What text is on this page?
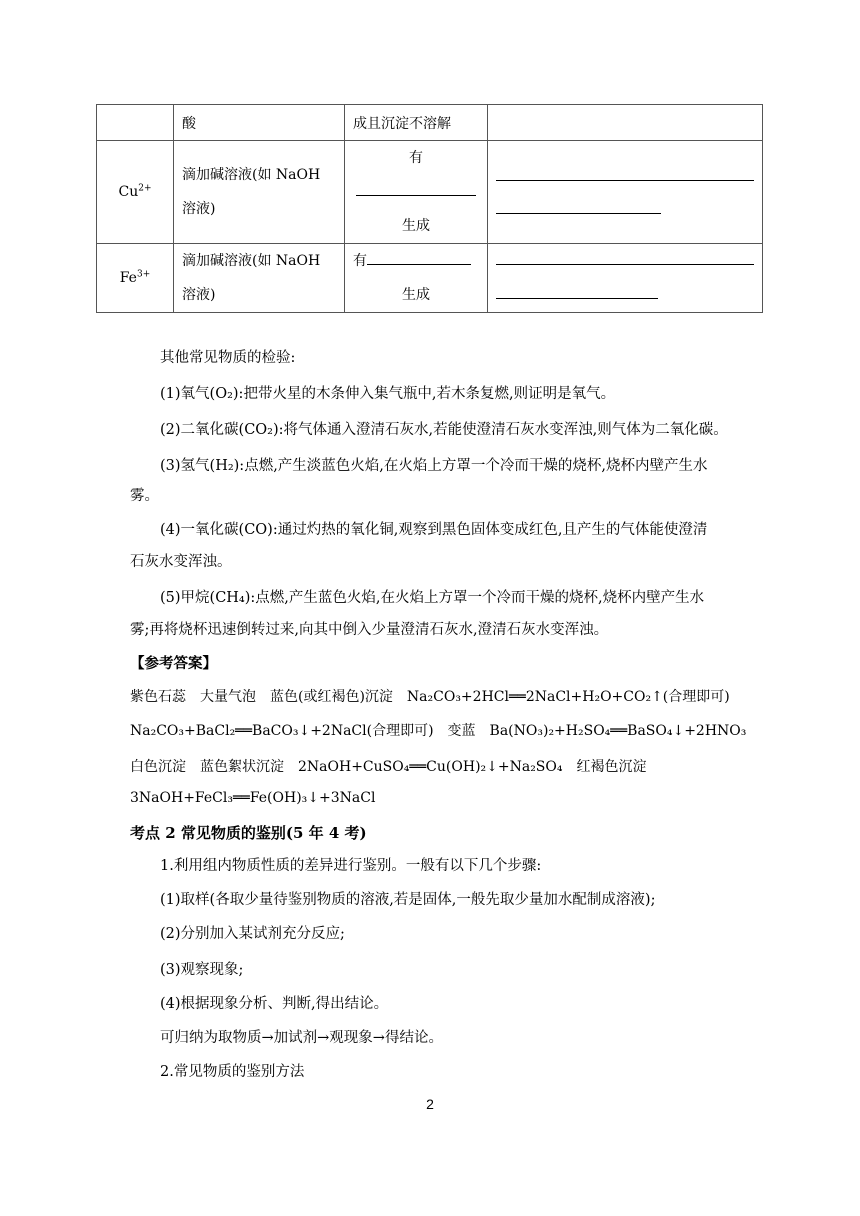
	酸	成且沉淀不溶解	
$Cu^{2+}$	滴加碱溶液(如 NaOH 溶液)	有
生成	

$Fe^{3+}$	滴加碱溶液(如 NaOH 溶液)	有
生成	

其他常见物质的检验:
(1)氧气(O₂):把带火星的木条伸入集气瓶中,若木条复燃,则证明是氧气。
(2)二氧化碳(CO₂):将气体通入澄清石灰水,若能使澄清石灰水变浑浊,则气体为二氧化碳。
(3)氢气(H₂):点燃,产生淡蓝色火焰,在火焰上方罩一个冷而干燥的烧杯,烧杯内壁产生水
雾。
(4)一氧化碳(CO):通过灼热的氧化铜,观察到黑色固体变成红色,且产生的气体能使澄清
石灰水变浑浊。
(5)甲烷(CH₄):点燃,产生蓝色火焰,在火焰上方罩一个冷而干燥的烧杯,烧杯内壁产生水
雾;再将烧杯迅速倒转过来,向其中倒入少量澄清石灰水,澄清石灰水变浑浊。
【参考答案】
紫色石蕊　大量气泡　蓝色(或红褐色)沉淀　Na₂CO₃+2HCl══2NaCl+H₂O+CO₂↑(合理即可)
Na₂CO₃+BaCl₂══BaCO₃↓+2NaCl(合理即可)　变蓝　Ba(NO₃)₂+H₂SO₄══BaSO₄↓+2HNO₃
白色沉淀　蓝色絮状沉淀　2NaOH+CuSO₄══Cu(OH)₂↓+Na₂SO₄　红褐色沉淀
3NaOH+FeCl₃══Fe(OH)₃↓+3NaCl
考点 2 常见物质的鉴别(5 年 4 考)
1.利用组内物质性质的差异进行鉴别。一般有以下几个步骤:
(1)取样(各取少量待鉴别物质的溶液,若是固体,一般先取少量加水配制成溶液);
(2)分别加入某试剂充分反应;
(3)观察现象;
(4)根据现象分析、判断,得出结论。
可归纳为取物质→加试剂→观现象→得结论。
2.常见物质的鉴别方法
2
